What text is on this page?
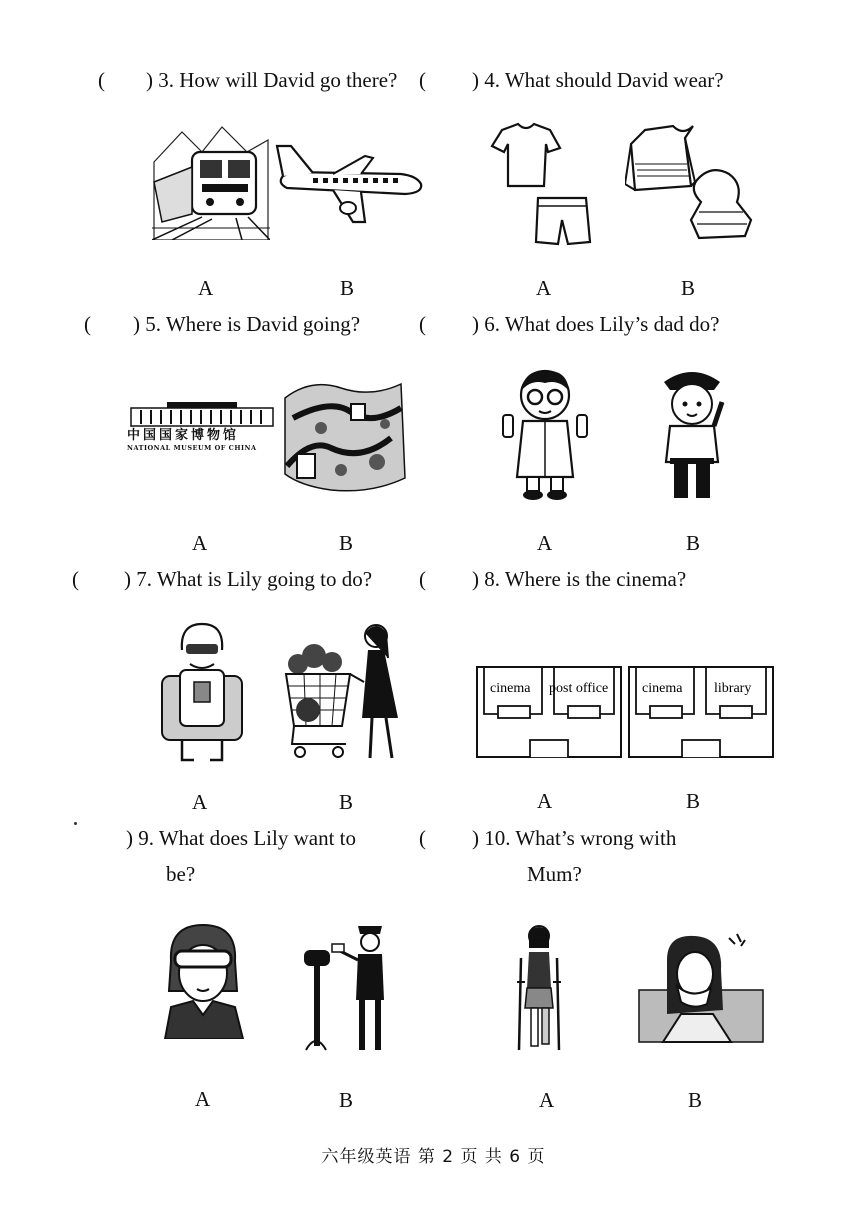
( ) 3. How will David go there? ( ) 4. What should David wear?
A	B	A	B
( ) 5. Where is David going?	( ) 6. What does Lily’s dad do?
中国国家博物馆
NATIONAL MUSEUM OF CHINA
A	B	A	B
( ) 7. What is Lily going to do? ( ) 8. Where is the cinema?
cinema post office cinema library
A	B	A	B
) 9. What does Lily want to
be?
( ) 10. What’s wrong with
Mum?
A	B	A	B
六年级英语 第 2 页 共 6 页
